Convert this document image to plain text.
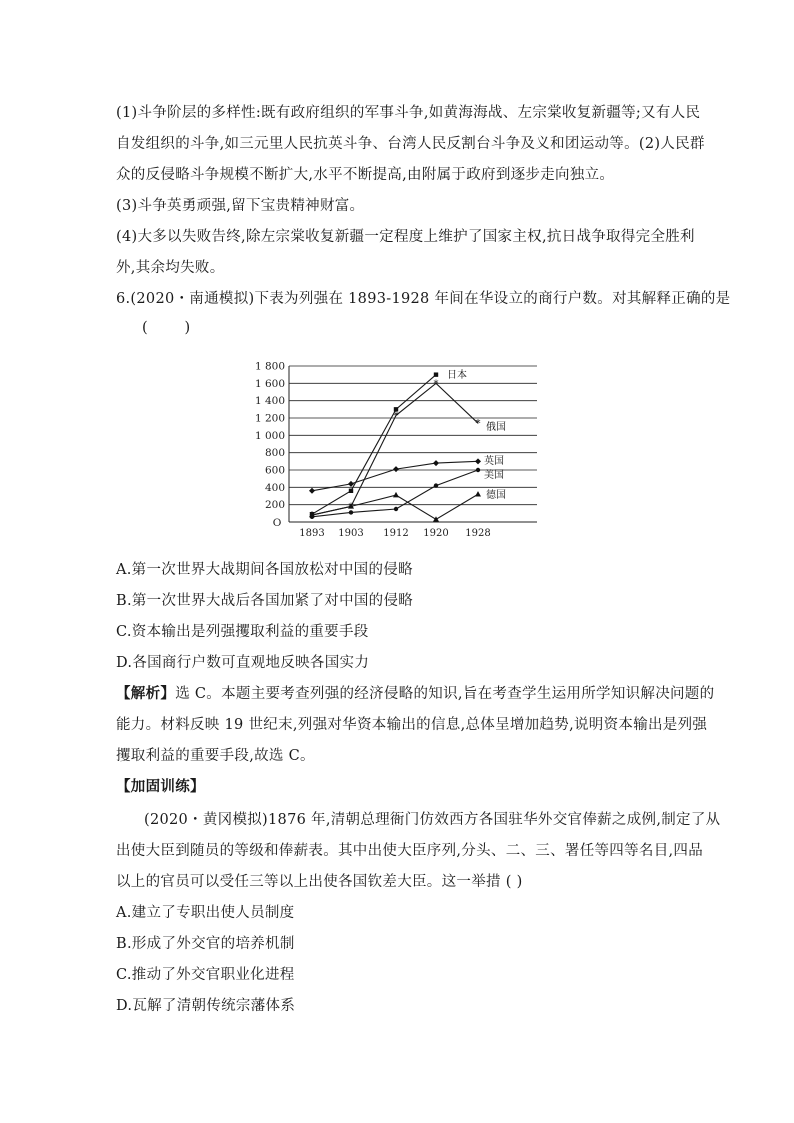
(1)斗争阶层的多样性:既有政府组织的军事斗争,如黄海海战、左宗棠收复新疆等;又有人民
自发组织的斗争,如三元里人民抗英斗争、台湾人民反割台斗争及义和团运动等。(2)人民群
众的反侵略斗争规模不断扩大,水平不断提高,由附属于政府到逐步走向独立。
(3)斗争英勇顽强,留下宝贵精神财富。
(4)大多以失败告终,除左宗棠收复新疆一定程度上维护了国家主权,抗日战争取得完全胜利
外,其余均失败。
6.(2020・南通模拟)下表为列强在 1893-1928 年间在华设立的商行户数。对其解释正确的是
(        )
1 800
1 600
1 400
1 200
1 000
800
600
400
200
O
1893 1903 1912 1920 1928
日本
*
*
* 俄国
英国
美国
德国
A.第一次世界大战期间各国放松对中国的侵略
B.第一次世界大战后各国加紧了对中国的侵略
C.资本输出是列强攫取利益的重要手段
D.各国商行户数可直观地反映各国实力
【解析】选 C。本题主要考查列强的经济侵略的知识,旨在考查学生运用所学知识解决问题的
能力。材料反映 19 世纪末,列强对华资本输出的信息,总体呈增加趋势,说明资本输出是列强
攫取利益的重要手段,故选 C。
【加固训练】
(2020・黄冈模拟)1876 年,清朝总理衙门仿效西方各国驻华外交官俸薪之成例,制定了从
出使大臣到随员的等级和俸薪表。其中出使大臣序列,分头、二、三、署任等四等名目,四品
以上的官员可以受任三等以上出使各国钦差大臣。这一举措 ( )
A.建立了专职出使人员制度
B.形成了外交官的培养机制
C.推动了外交官职业化进程
D.瓦解了清朝传统宗藩体系
